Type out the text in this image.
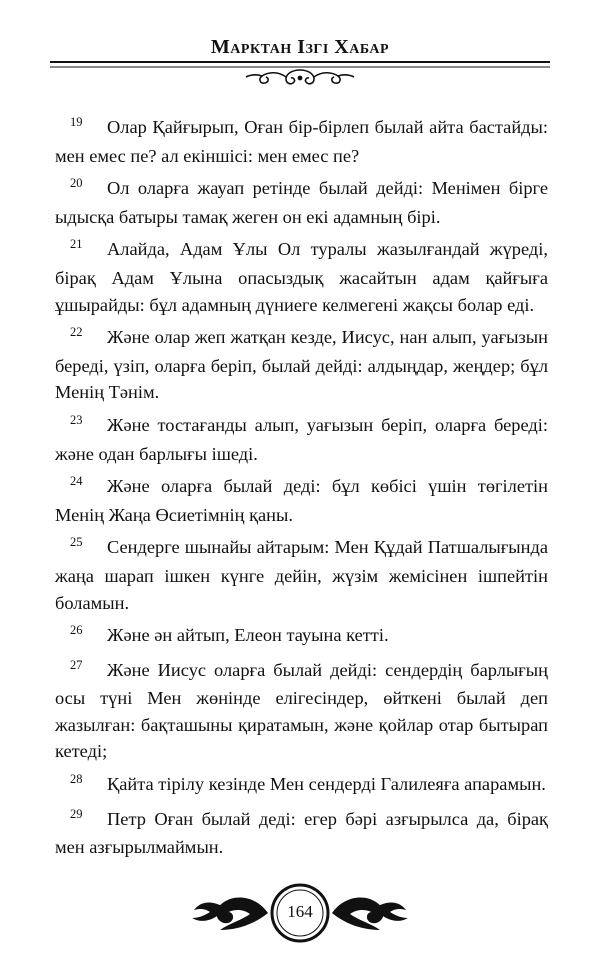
Марктан Ізгі Хабар

$^{19}$ Олар Қайғырып, Оған бір-бірлеп былай айта бастайды: мен емес пе? ал екіншісі: мен емес пе?

$^{20}$ Ол оларға жауап ретінде былай дейді: Менімен бірге ыдысқа батыры тамақ жеген он екі адамның бірі.

$^{21}$ Алайда, Адам Ұлы Ол туралы жазылғандай жүреді, бірақ Адам Ұлына опасыздық жасайтын адам қайғыға ұшырайды: бұл адамның дүниеге келмегені жақсы болар еді.

$^{22}$ Және олар жеп жатқан кезде, Иисус, нан алып, уағызын береді, үзіп, оларға беріп, былай дейді: алдыңдар, жеңдер; бұл Менің Тәнім.

$^{23}$ Және тостағанды алып, уағызын беріп, оларға береді: және одан барлығы ішеді.

$^{24}$ Және оларға былай деді: бұл көбісі үшін төгілетін Менің Жаңа Өсиетімнің қаны.

$^{25}$ Сендерге шынайы айтарым: Мен Құдай Патшалығында жаңа шарап ішкен күнге дейін, жүзім жемісінен ішпейтін боламын.

$^{26}$ Және ән айтып, Елеон тауына кетті.

$^{27}$ Және Иисус оларға былай дейді: сендердің барлығың осы түні Мен жөнінде елігесіндер, өйткені былай деп жазылған: бақташыны қиратамын, және қойлар отар бытырап кетеді;

$^{28}$ Қайта тірілу кезінде Мен сендерді Галилеяға апарамын.

$^{29}$ Петр Оған былай деді: егер бәрі азғырылса да, бірақ мен азғырылмаймын.

164
